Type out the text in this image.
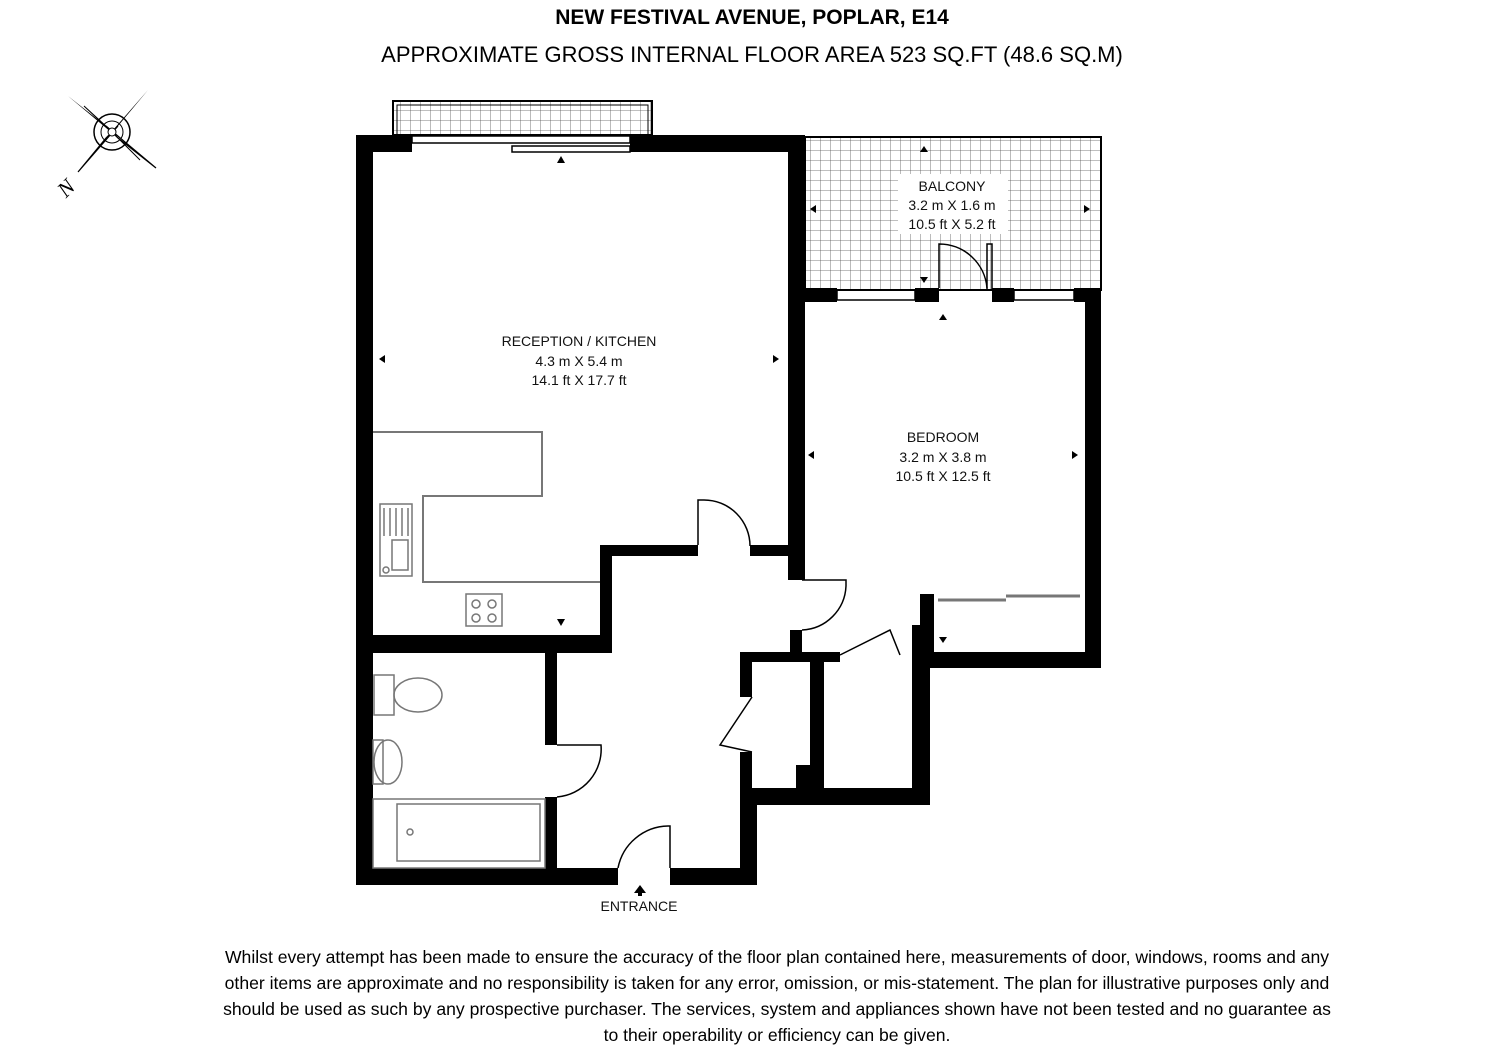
NEW FESTIVAL AVENUE, POPLAR, E14
APPROXIMATE GROSS INTERNAL FLOOR AREA 523 SQ.FT (48.6 SQ.M)
N	BALCONY
3.2 m X 1.6 m
10.5 ft X 5.2 ft
RECEPTION / KITCHEN
4.3 m X 5.4 m
14.1 ft X 17.7 ft
BEDROOM
3.2 m X 3.8 m
10.5 ft X 12.5 ft
ENTRANCE
Whilst every attempt has been made to ensure the accuracy of the floor plan contained here, measurements of door, windows, rooms and any
other items are approximate and no responsibility is taken for any error, omission, or mis-statement. The plan for illustrative purposes only and
should be used as such by any prospective purchaser. The services, system and appliances shown have not been tested and no guarantee as
to their operability or efficiency can be given.
